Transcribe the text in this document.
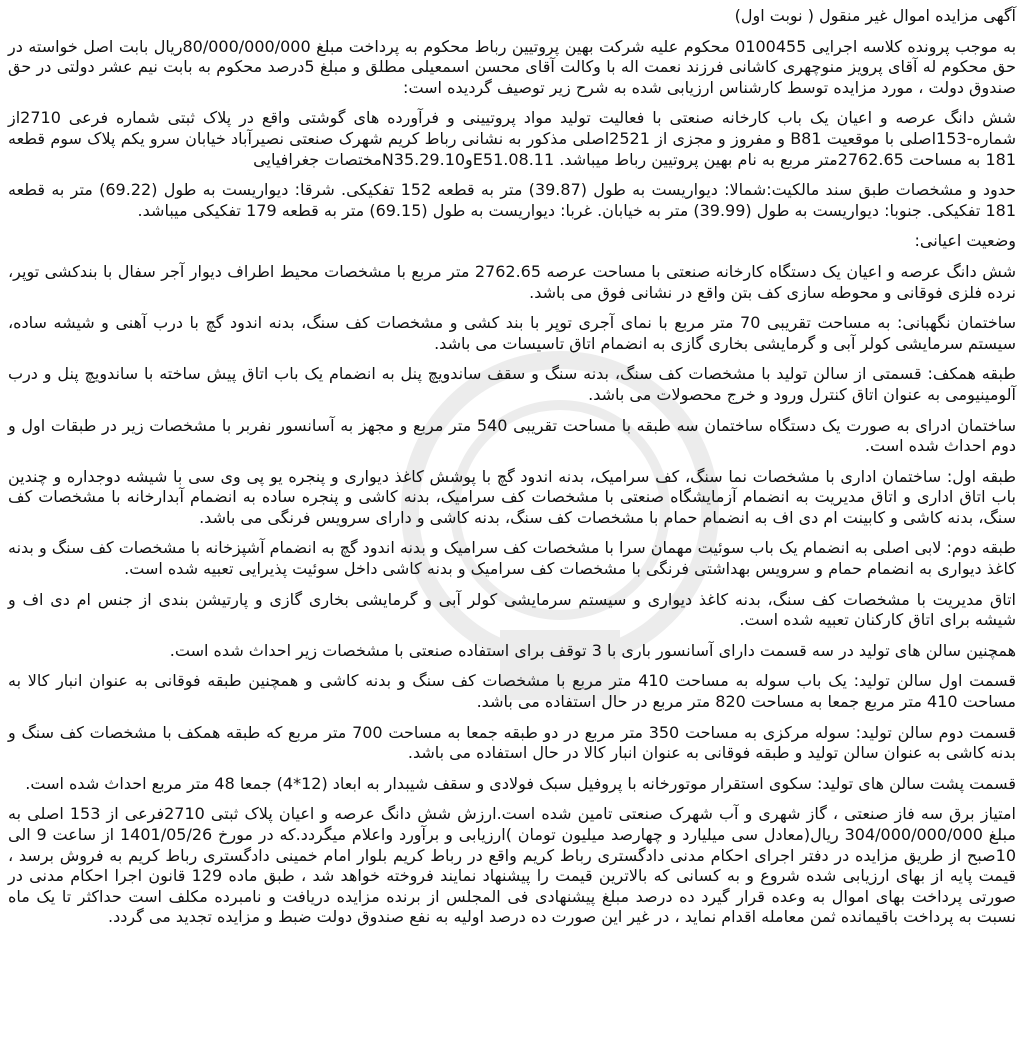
آگهی مزایده اموال غیر منقول ( نوبت اول)

به موجب پرونده کلاسه اجرایی 0100455 محکوم علیه شرکت بهین پروتیین رباط محکوم به پرداخت مبلغ 80/000/000/000ریال بابت اصل خواسته در حق محکوم له آقای پرویز منوچهری کاشانی فرزند نعمت اله با وکالت آقای محسن اسمعیلی مطلق و مبلغ 5درصد محکوم به بابت نیم عشر دولتی در حق صندوق دولت ، مورد مزایده توسط کارشناس ارزیابی شده به شرح زیر توصیف گردیده است:

شش دانگ عرصه و اعیان یک باب کارخانه صنعتی با فعالیت تولید مواد پروتیینی و فرآورده های گوشتی واقع در پلاک ثبتی شماره فرعی 2710از شماره-153اصلی با موقعیت B81 و مفروز و مجزی از 2521اصلی مذکور به نشانی رباط کریم شهرک صنعتی نصیرآباد خیابان سرو یکم پلاک سوم قطعه 181 به مساحت 2762.65متر مربع به نام بهین پروتیین رباط میباشد. E51.08.11وN35.29.10مختصات جغرافیایی

حدود و مشخصات طبق سند مالکیت:شمالا: دیواریست به طول (39.87) متر به قطعه 152 تفکیکی. شرقا: دیواریست به طول (69.22) متر به قطعه 181 تفکیکی. جنوبا: دیواریست به طول (39.99) متر به خیابان. غربا: دیواریست به طول (69.15) متر به قطعه 179 تفکیکی میباشد.

وضعیت اعیانی:

شش دانگ عرصه و اعیان یک دستگاه کارخانه صنعتی با مساحت عرصه 2762.65 متر مربع با مشخصات محیط اطراف دیوار آجر سفال با بندکشی توپر، نرده فلزی فوقانی و محوطه سازی کف بتن واقع در نشانی فوق می باشد.

ساختمان نگهبانی: به مساحت تقریبی 70 متر مربع با نمای آجری توپر با بند کشی و مشخصات کف سنگ، بدنه اندود گچ با درب آهنی و شیشه ساده، سیستم سرمایشی کولر آبی و گرمایشی بخاری گازی به انضمام اتاق تاسیسات می باشد.

طبقه همکف: قسمتی از سالن تولید با مشخصات کف سنگ، بدنه سنگ و سقف ساندویچ پنل به انضمام یک باب اتاق پیش ساخته با ساندویچ پنل و درب آلومینیومی به عنوان اتاق کنترل ورود و خرج محصولات می باشد.

ساختمان ادرای به صورت یک دستگاه ساختمان سه طبقه با مساحت تقریبی 540 متر مربع و مجهز به آسانسور نفربر با مشخصات زیر در طبقات اول و دوم احداث شده است.

طبقه اول: ساختمان اداری با مشخصات نما سنگ، کف سرامیک، بدنه اندود گچ با پوشش کاغذ دیواری و پنجره یو پی وی سی با شیشه دوجداره و چندین باب اتاق اداری و اتاق مدیریت به انضمام آزمایشگاه صنعتی با مشخصات کف سرامیک، بدنه کاشی و پنجره ساده به انضمام آبدارخانه با مشخصات کف سنگ، بدنه کاشی و کابینت ام دی اف به انضمام حمام با مشخصات کف سنگ، بدنه کاشی و دارای سرویس فرنگی می باشد.

طبقه دوم: لابی اصلی به انضمام یک باب سوئیت مهمان سرا با مشخصات کف سرامیک و بدنه اندود گچ به انضمام آشپزخانه با مشخصات کف سنگ و بدنه کاغذ دیواری به انضمام حمام و سرویس بهداشتی فرنگی با مشخصات کف سرامیک و بدنه کاشی داخل سوئیت پذیرایی تعبیه شده است.

اتاق مدیریت با مشخصات کف سنگ، بدنه کاغذ دیواری و سیستم سرمایشی کولر آبی و گرمایشی بخاری گازی و پارتیشن بندی از جنس ام دی اف و شیشه برای اتاق کارکنان تعبیه شده است.

همچنین سالن های تولید در سه قسمت دارای آسانسور باری با 3 توقف برای استفاده صنعتی با مشخصات زیر احداث شده است.

قسمت اول سالن تولید: یک باب سوله به مساحت 410 متر مربع با مشخصات کف سنگ و بدنه کاشی و همچنین طبقه فوقانی به عنوان انبار کالا به مساحت 410 متر مربع جمعا به مساحت 820 متر مربع در حال استفاده می باشد.

قسمت دوم سالن تولید: سوله مرکزی به مساحت 350 متر مربع در دو طبقه جمعا به مساحت 700 متر مربع که طبقه همکف با مشخصات کف سنگ و بدنه کاشی به عنوان سالن تولید و طبقه فوقانی به عنوان انبار کالا در حال استفاده می باشد.

قسمت پشت سالن های تولید: سکوی استقرار موتورخانه با پروفیل سبک فولادی و سقف شیبدار به ابعاد (12*4) جمعا 48 متر مربع احداث شده است.

امتیاز برق سه فاز صنعتی ، گاز شهری و آب شهرک صنعتی تامین شده است.ارزش شش دانگ عرصه و اعیان پلاک ثبتی 2710فرعی از 153 اصلی به مبلغ 304/000/000/000 ریال(معادل سی میلیارد و چهارصد میلیون تومان )ارزیابی و برآورد واعلام میگردد.که در مورخ 1401/05/26 از ساعت 9 الی 10صبح از طریق مزایده در دفتر اجرای احکام مدنی دادگستری رباط کریم واقع در رباط کریم بلوار امام خمینی دادگستری رباط کریم به فروش برسد ، قیمت پایه از بهای ارزیابی شده شروع و به کسانی که بالاترین قیمت را پیشنهاد نمایند فروخته خواهد شد ، طبق ماده 129 قانون اجرا احکام مدنی در صورتی پرداخت بهای اموال به وعده قرار گیرد ده درصد مبلغ پیشنهادی فی المجلس از برنده مزایده دریافت و نامبرده مکلف است حداکثر تا یک ماه نسبت به پرداخت باقیمانده ثمن معامله اقدام نماید ، در غیر این صورت ده درصد اولیه به نفع صندوق دولت ضبط و مزایده تجدید می گردد.
